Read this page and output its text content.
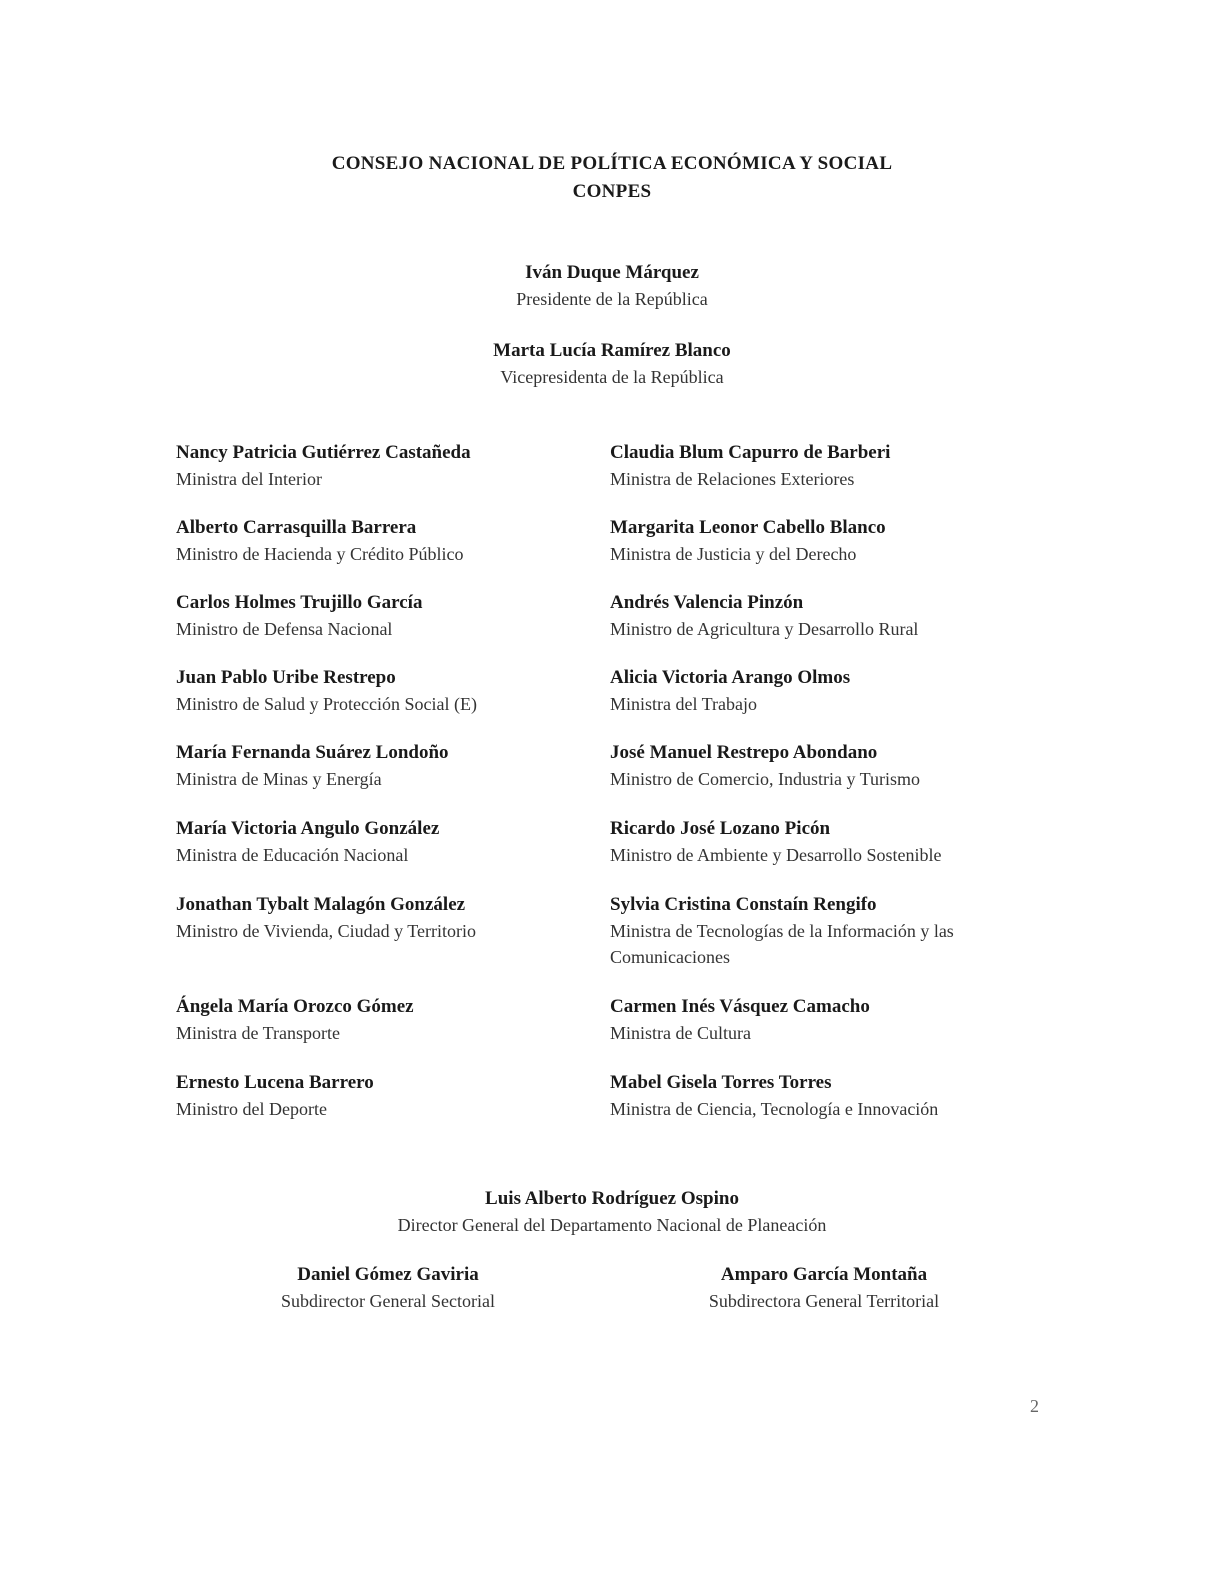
CONSEJO NACIONAL DE POLÍTICA ECONÓMICA Y SOCIAL
CONPES
Iván Duque Márquez
Presidente de la República
Marta Lucía Ramírez Blanco
Vicepresidenta de la República
Nancy Patricia Gutiérrez Castañeda
Ministra del Interior
Alberto Carrasquilla Barrera
Ministro de Hacienda y Crédito Público
Carlos Holmes Trujillo García
Ministro de Defensa Nacional
Juan Pablo Uribe Restrepo
Ministro de Salud y Protección Social (E)
María Fernanda Suárez Londoño
Ministra de Minas y Energía
María Victoria Angulo González
Ministra de Educación Nacional
Jonathan Tybalt Malagón González
Ministro de Vivienda, Ciudad y Territorio
Ángela María Orozco Gómez
Ministra de Transporte
Ernesto Lucena Barrero
Ministro del Deporte
Claudia Blum Capurro de Barberi
Ministra de Relaciones Exteriores
Margarita Leonor Cabello Blanco
Ministra de Justicia y del Derecho
Andrés Valencia Pinzón
Ministro de Agricultura y Desarrollo Rural
Alicia Victoria Arango Olmos
Ministra del Trabajo
José Manuel Restrepo Abondano
Ministro de Comercio, Industria y Turismo
Ricardo José Lozano Picón
Ministro de Ambiente y Desarrollo Sostenible
Sylvia Cristina Constaín Rengifo
Ministra de Tecnologías de la Información y las
Comunicaciones
Carmen Inés Vásquez Camacho
Ministra de Cultura
Mabel Gisela Torres Torres
Ministra de Ciencia, Tecnología e Innovación
Luis Alberto Rodríguez Ospino
Director General del Departamento Nacional de Planeación
Daniel Gómez Gaviria
Subdirector General Sectorial
Amparo García Montaña
Subdirectora General Territorial
2
